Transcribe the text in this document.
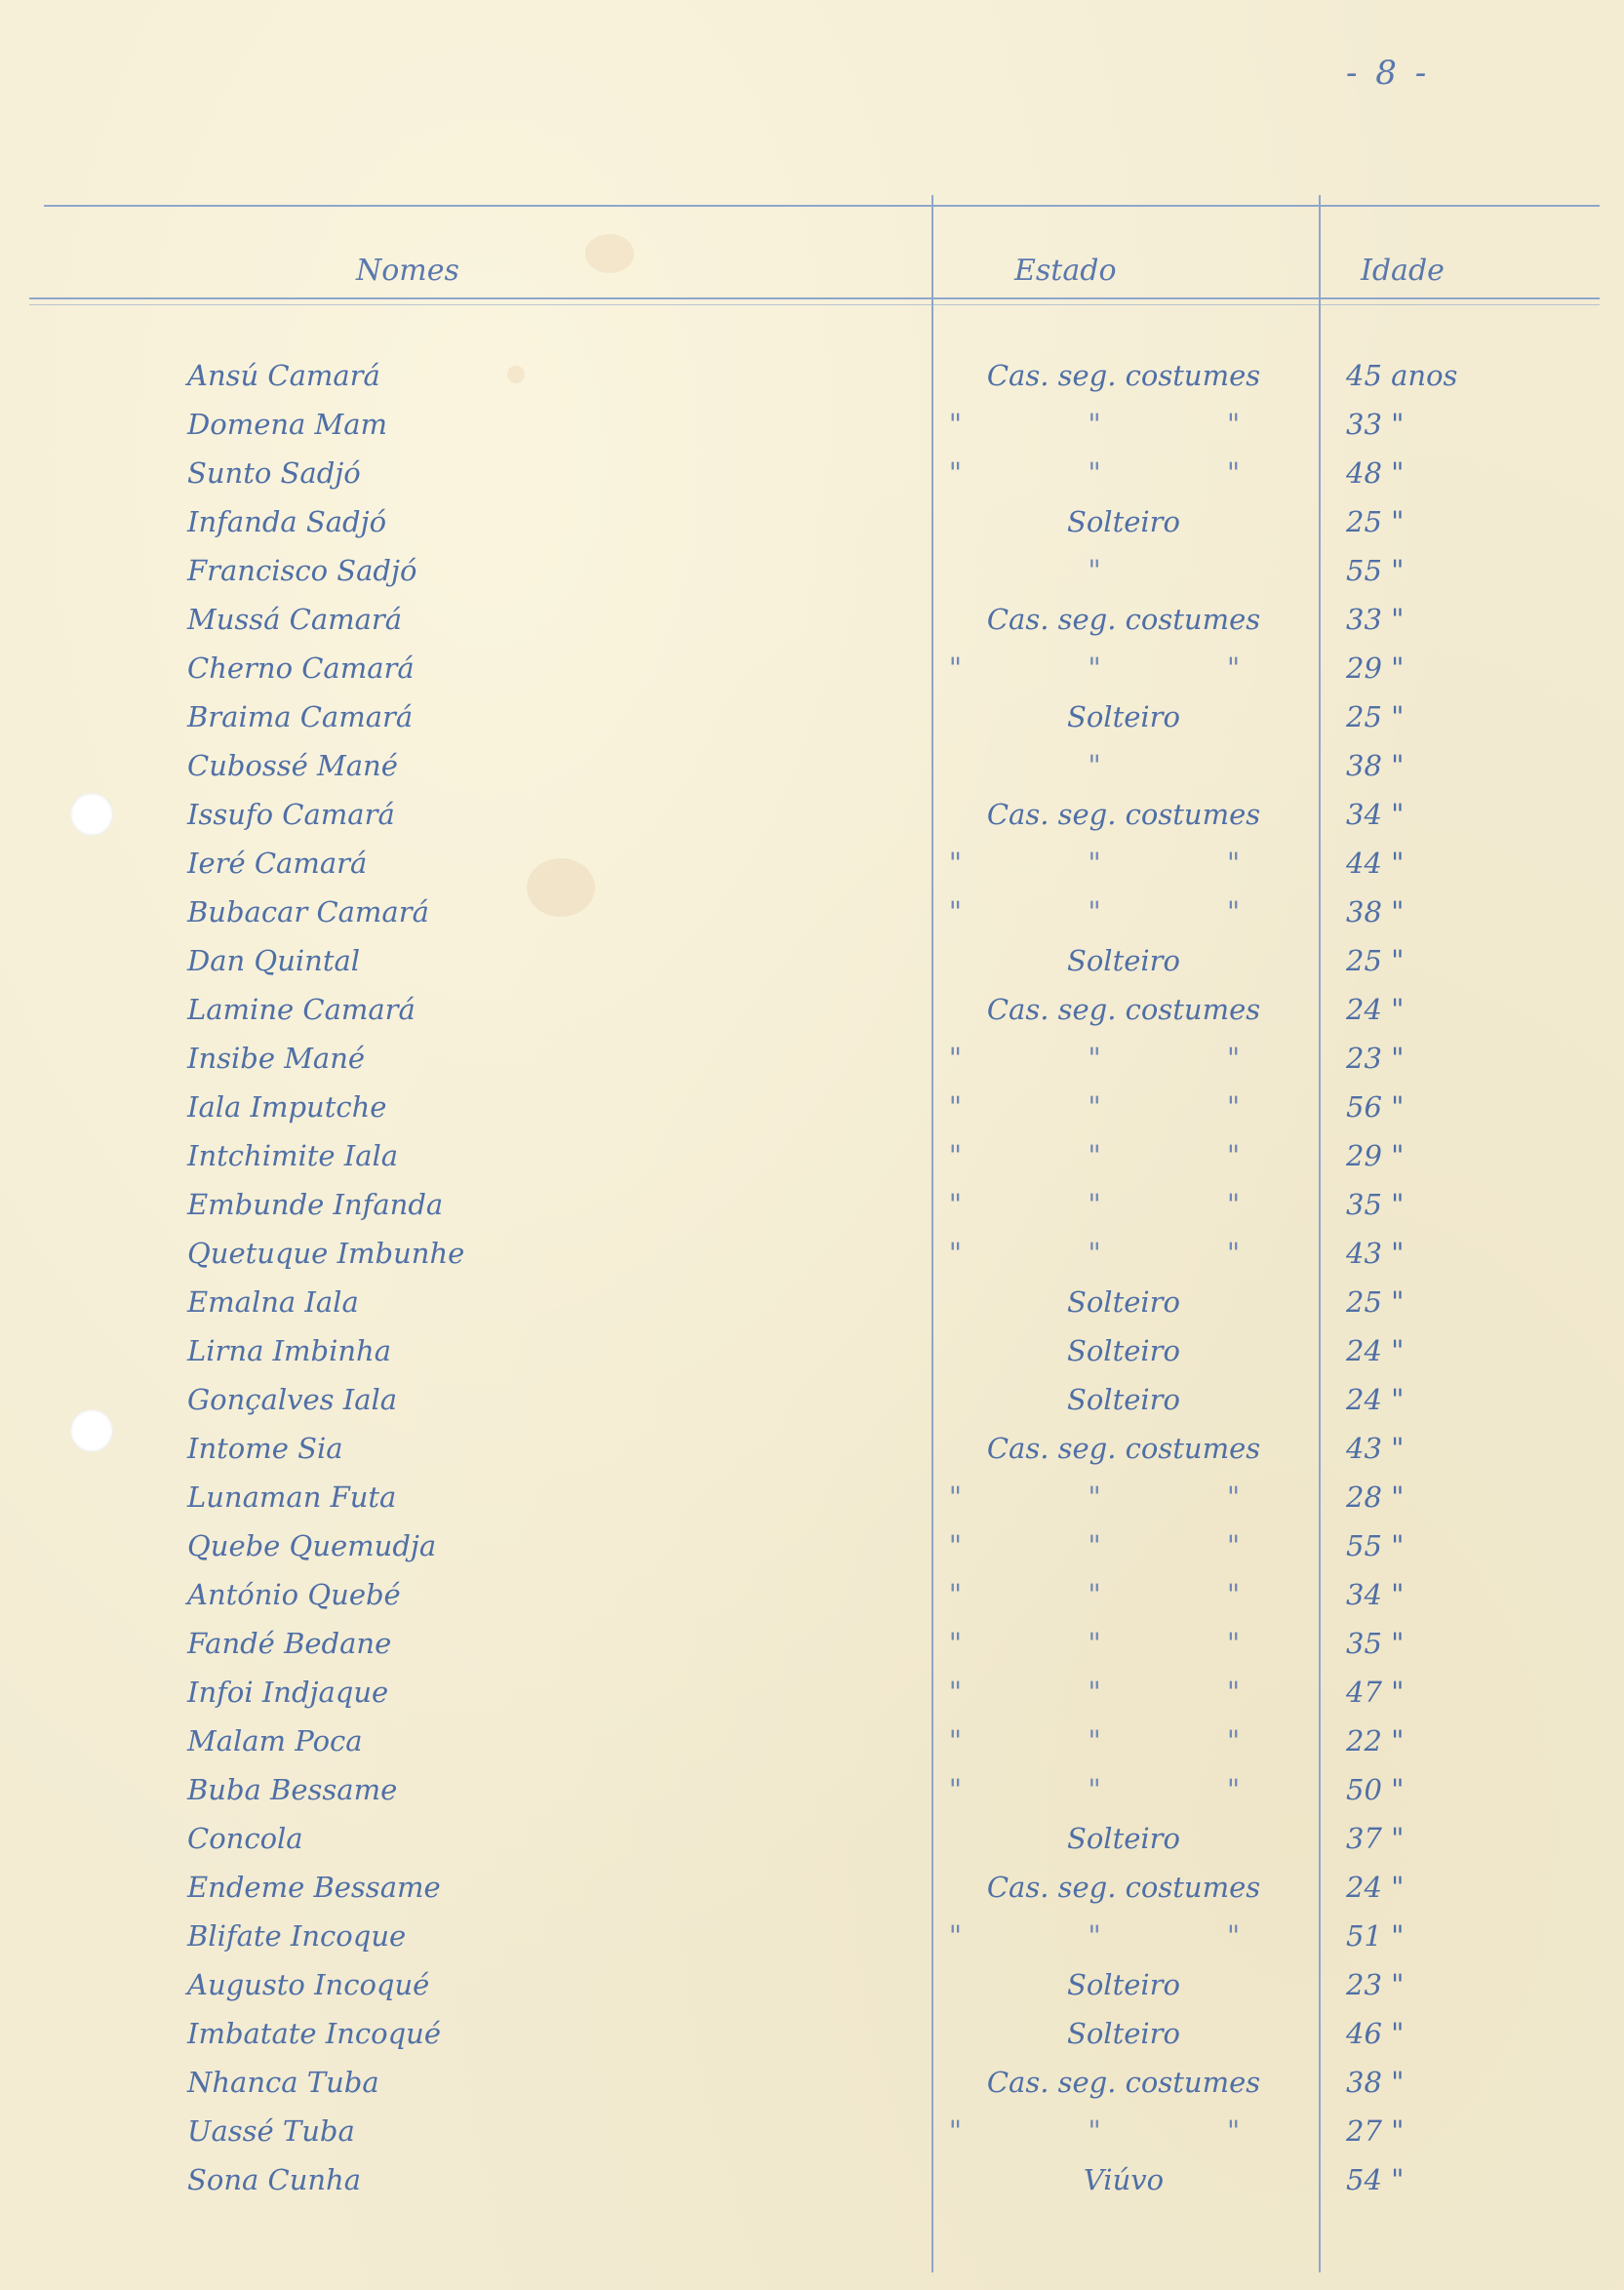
- 8 -
Nomes	Estado	Idade
Ansú Camará	Cas. seg. costumes	45 anos
Domena Mam	" " "	33 "
Sunto Sadjó	" " "	48 "
Infanda Sadjó	Solteiro	25 "
Francisco Sadjó	"	55 "
Mussá Camará	Cas. seg. costumes	33 "
Cherno Camará	" " "	29 "
Braima Camará	Solteiro	25 "
Cubossé Mané	"	38 "
Issufo Camará	Cas. seg. costumes	34 "
Ieré Camará	" " "	44 "
Bubacar Camará	" " "	38 "
Dan Quintal	Solteiro	25 "
Lamine Camará	Cas. seg. costumes	24 "
Insibe Mané	" " "	23 "
Iala Imputche	" " "	56 "
Intchimite Iala	" " "	29 "
Embunde Infanda	" " "	35 "
Quetuque Imbunhe	" " "	43 "
Emalna Iala	Solteiro	25 "
Lirna Imbinha	Solteiro	24 "
Gonçalves Iala	Solteiro	24 "
Intome Sia	Cas. seg. costumes	43 "
Lunaman Futa	" " "	28 "
Quebe Quemudja	" " "	55 "
António Quebé	" " "	34 "
Fandé Bedane	" " "	35 "
Infoi Indjaque	" " "	47 "
Malam Poca	" " "	22 "
Buba Bessame	" " "	50 "
Concola	Solteiro	37 "
Endeme Bessame	Cas. seg. costumes	24 "
Blifate Incoque	" " "	51 "
Augusto Incoqué	Solteiro	23 "
Imbatate Incoqué	Solteiro	46 "
Nhanca Tuba	Cas. seg. costumes	38 "
Uassé Tuba	" " "	27 "
Sona Cunha	Viúvo	54 "
